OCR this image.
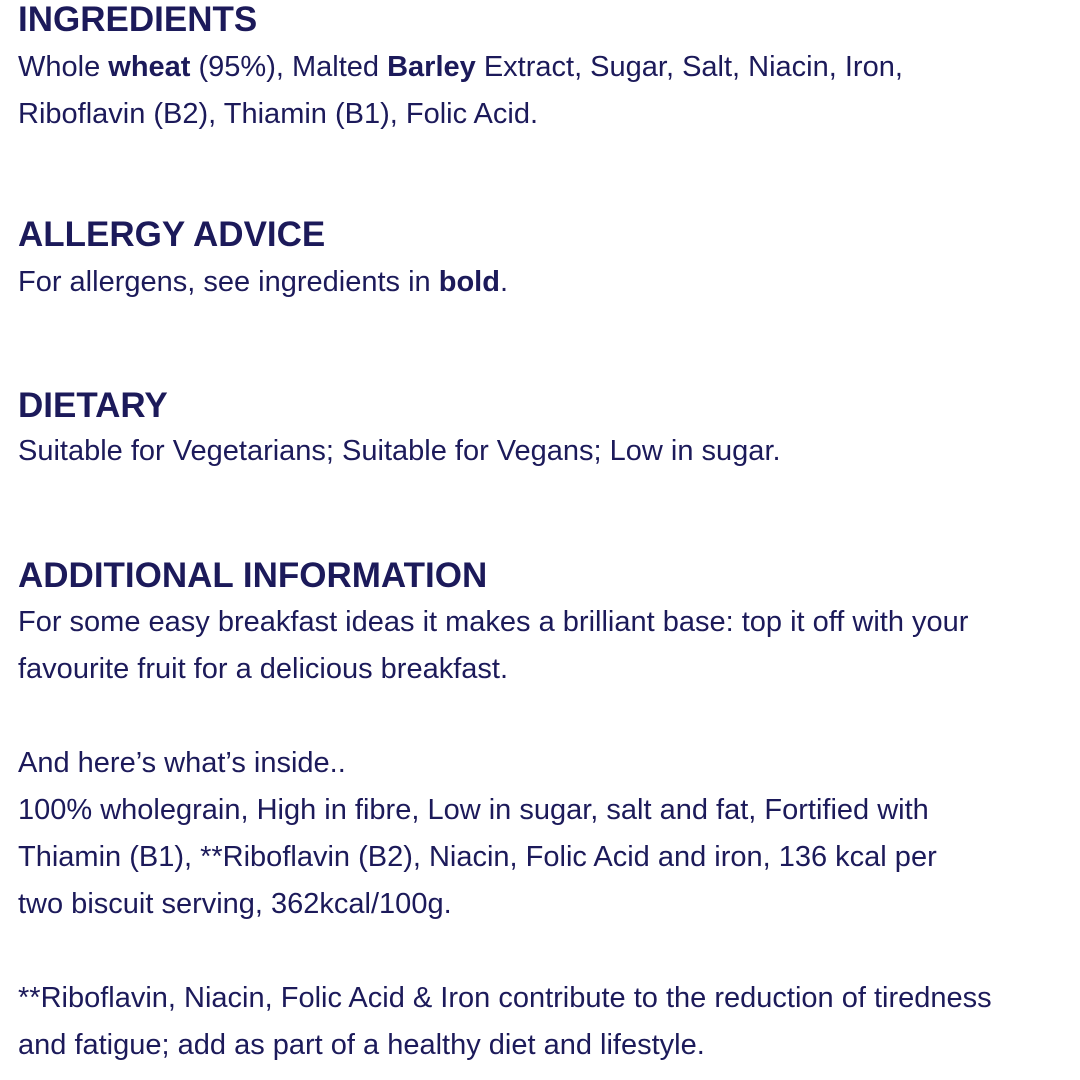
INGREDIENTS

Whole wheat (95%), Malted Barley Extract, Sugar, Salt, Niacin, Iron,
Riboflavin (B2), Thiamin (B1), Folic Acid.

ALLERGY ADVICE

For allergens, see ingredients in bold.

DIETARY

Suitable for Vegetarians; Suitable for Vegans; Low in sugar.

ADDITIONAL INFORMATION

For some easy breakfast ideas it makes a brilliant base: top it off with your
favourite fruit for a delicious breakfast.

And here’s what’s inside..
100% wholegrain, High in fibre, Low in sugar, salt and fat, Fortified with
Thiamin (B1), **Riboflavin (B2), Niacin, Folic Acid and iron, 136 kcal per
two biscuit serving, 362kcal/100g.

**Riboflavin, Niacin, Folic Acid & Iron contribute to the reduction of tiredness
and fatigue; add as part of a healthy diet and lifestyle.
